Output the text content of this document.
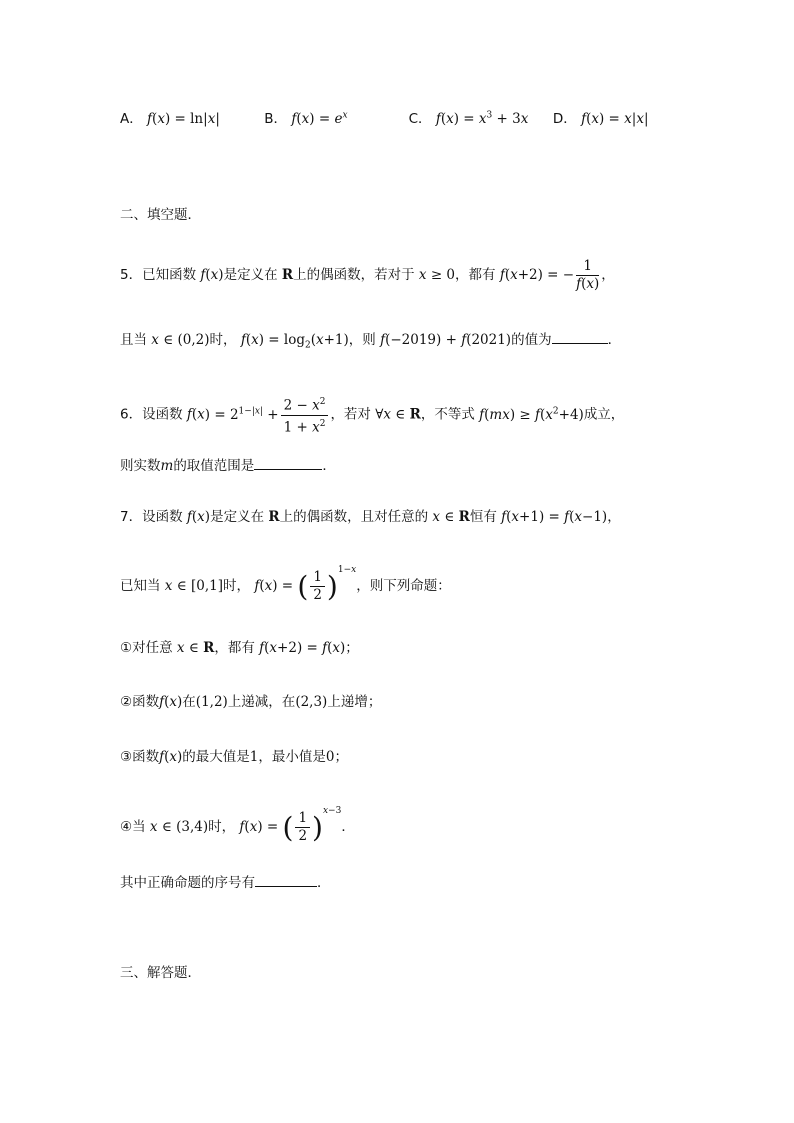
A． f(x) = ln|x|	B． $f(x) = e^x$	C． $f(x) = x^3 + 3x$ D． f(x) = x|x|
二、填空题．
5．已知函数 f(x)是定义在 R上的偶函数，若对于 x ≥ 0，都有 f(x+2) = − $\frac{1}{f(x)}$ ，
且当 x ∈ (0,2)时， $f(x) = \log_2(x+1)$，则 f(−2019) + f(2021)的值为	．
6．设函数 $f(x) = 2^{1-|x|} + \frac{2 - x^2}{1 + x^2}$ ，若对 ∀x ∈ R，不等式 $f(mx) \ge f(x^2+4)$成立，
则实数m的取值范围是	．
7．设函数 f(x)是定义在 R上的偶函数，且对任意的 x ∈ R恒有 f(x+1) = f(x−1)，
已知当 x ∈ [0,1]时， f(x) = ( $\frac{1}{2} )^{1-x}$，则下列命题：
①对任意 x ∈ R，都有 f(x+2) = f(x)；
②函数f(x)在(1,2)上递减，在(2,3)上递增；
③函数f(x)的最大值是1，最小值是0；
④当 x ∈ (3,4)时， f(x) = ( $\frac{1}{2} )^{x-3}$．
其中正确命题的序号有	．
三、解答题．
